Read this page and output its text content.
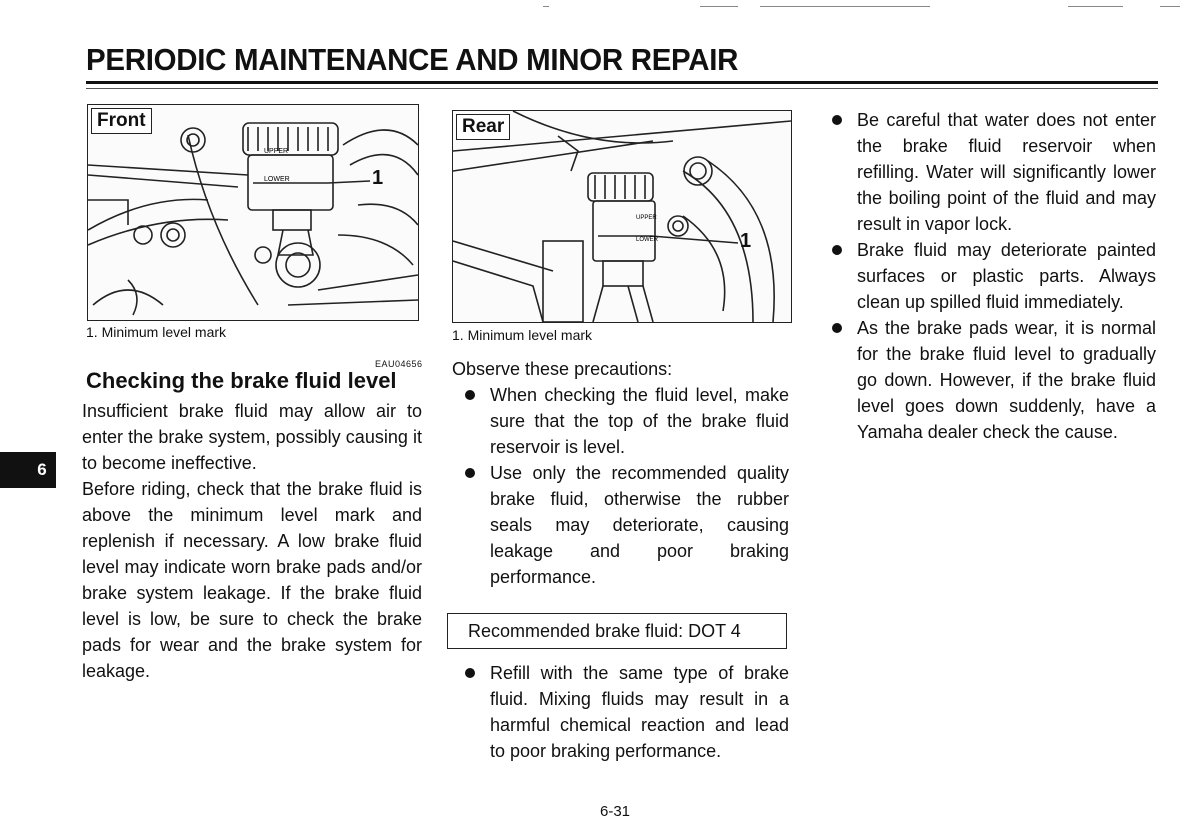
PERIODIC MAINTENANCE AND MINOR REPAIR
6
UPPER
LOWER
Front
1
1. Minimum level mark
UPPER
LOWER
Rear
1
1. Minimum level mark
EAU04656
Checking the brake fluid level
Insufficient brake fluid may allow air to enter the brake system, possibly causing it to become ineffective.
Before riding, check that the brake fluid is above the minimum level mark and replenish if necessary. A low brake fluid level may indicate worn brake pads and/or brake system leakage. If the brake fluid level is low, be sure to check the brake pads for wear and the brake system for leakage.
Observe these precautions:
When checking the fluid level, make sure that the top of the brake fluid reservoir is level.
Use only the recommended quality brake fluid, otherwise the rubber seals may deteriorate, causing leakage and poor braking performance.
Recommended brake fluid: DOT 4
Refill with the same type of brake fluid. Mixing fluids may result in a harmful chemical reaction and lead to poor braking performance.
Be careful that water does not enter the brake fluid reservoir when refilling. Water will significantly lower the boiling point of the fluid and may result in vapor lock.
Brake fluid may deteriorate painted surfaces or plastic parts. Always clean up spilled fluid immediately.
As the brake pads wear, it is normal for the brake fluid level to gradually go down. However, if the brake fluid level goes down suddenly, have a Yamaha dealer check the cause.
6-31
